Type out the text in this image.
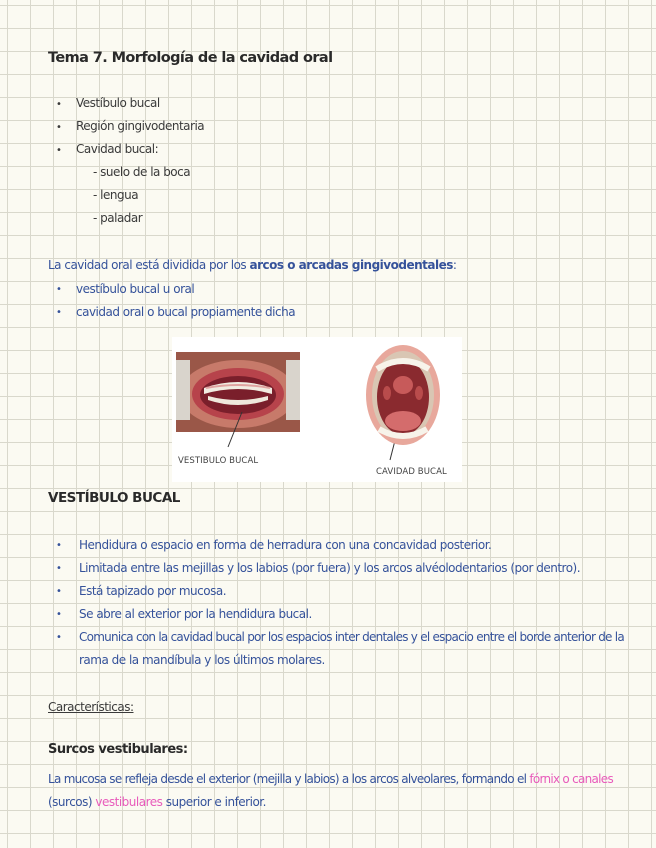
Tema 7. Morfología de la cavidad oral
• Vestíbulo bucal
• Región gingivodentaria
• Cavidad bucal:
- suelo de la boca
- lengua
- paladar
La cavidad oral está dividida por los arcos o arcadas gingivodentales:
• vestíbulo bucal u oral
• cavidad oral o bucal propiamente dicha
VESTIBULO BUCAL
CAVIDAD BUCAL
VESTÍBULO BUCAL
• Hendidura o espacio en forma de herradura con una concavidad posterior.
• Limitada entre las mejillas y los labios (por fuera) y los arcos alvéolodentarios (por dentro).
• Está tapizado por mucosa.
• Se abre al exterior por la hendidura bucal.
• Comunica con la cavidad bucal por los espacios inter dentales y el espacio entre el borde anterior de la
rama de la mandíbula y los últimos molares.
Características:
Surcos vestibulares:
La mucosa se refleja desde el exterior (mejilla y labios) a los arcos alveolares, formando el fórnix o canales
(surcos) vestibulares superior e inferior.
